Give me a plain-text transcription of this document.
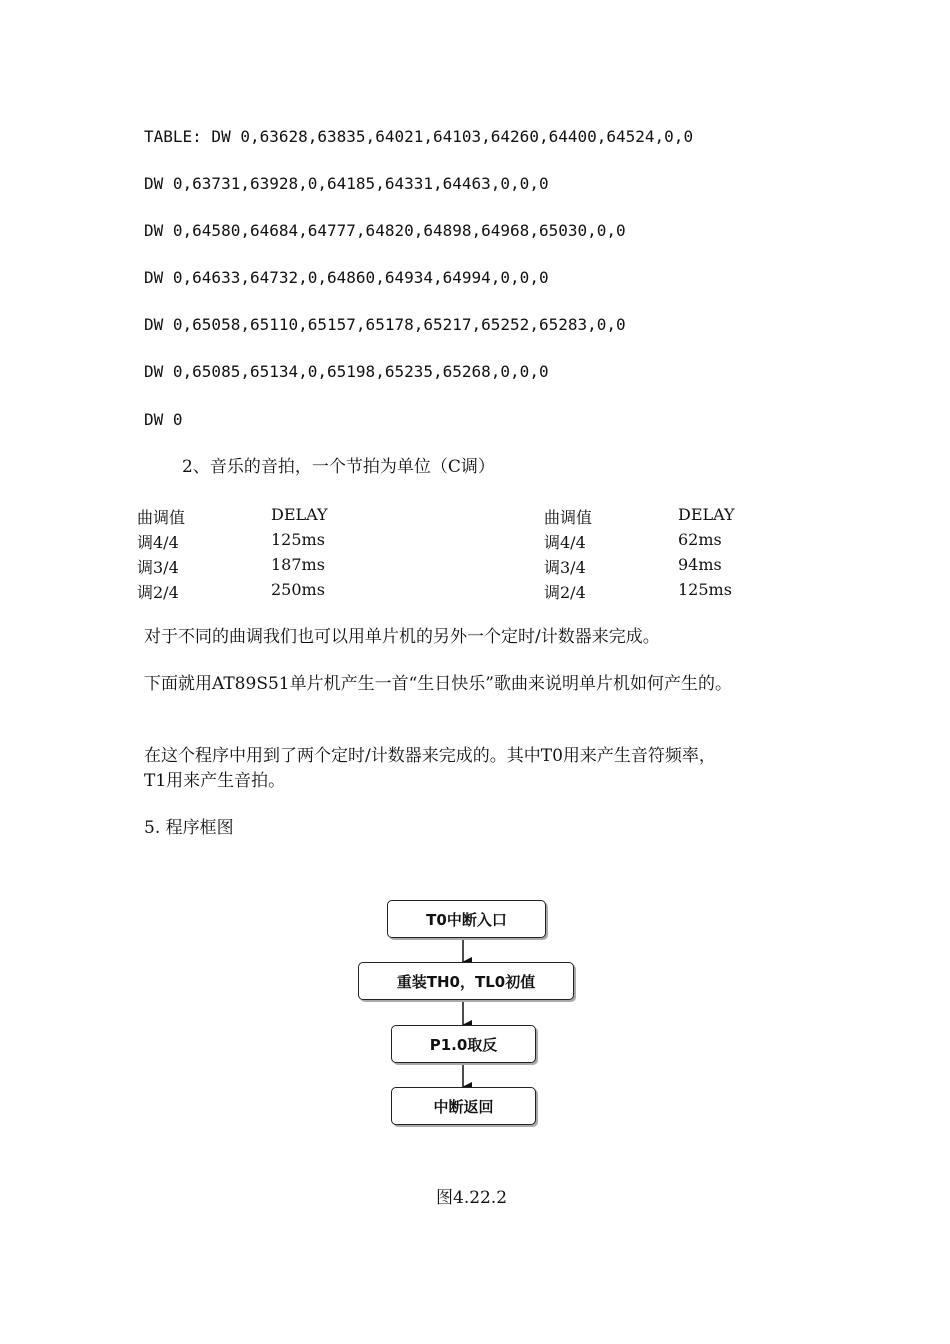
TABLE: DW 0,63628,63835,64021,64103,64260,64400,64524,0,0
DW 0,63731,63928,0,64185,64331,64463,0,0,0
DW 0,64580,64684,64777,64820,64898,64968,65030,0,0
DW 0,64633,64732,0,64860,64934,64994,0,0,0
DW 0,65058,65110,65157,65178,65217,65252,65283,0,0
DW 0,65085,65134,0,65198,65235,65268,0,0,0
DW 0
2、音乐的音拍，一个节拍为单位（C调）
曲调值	DELAY
调4/4	125ms
调3/4	187ms
调2/4	250ms
曲调值	DELAY
调4/4	62ms
调3/4	94ms
调2/4	125ms
对于不同的曲调我们也可以用单片机的另外一个定时/计数器来完成。
下面就用AT89S51单片机产生一首“生日快乐”歌曲来说明单片机如何产生的。
在这个程序中用到了两个定时/计数器来完成的。其中T0用来产生音符频率，
T1用来产生音拍。
5. 程序框图
T0中断入口
重装TH0，TL0初值
P1.0取反
中断返回
图4.22.2
